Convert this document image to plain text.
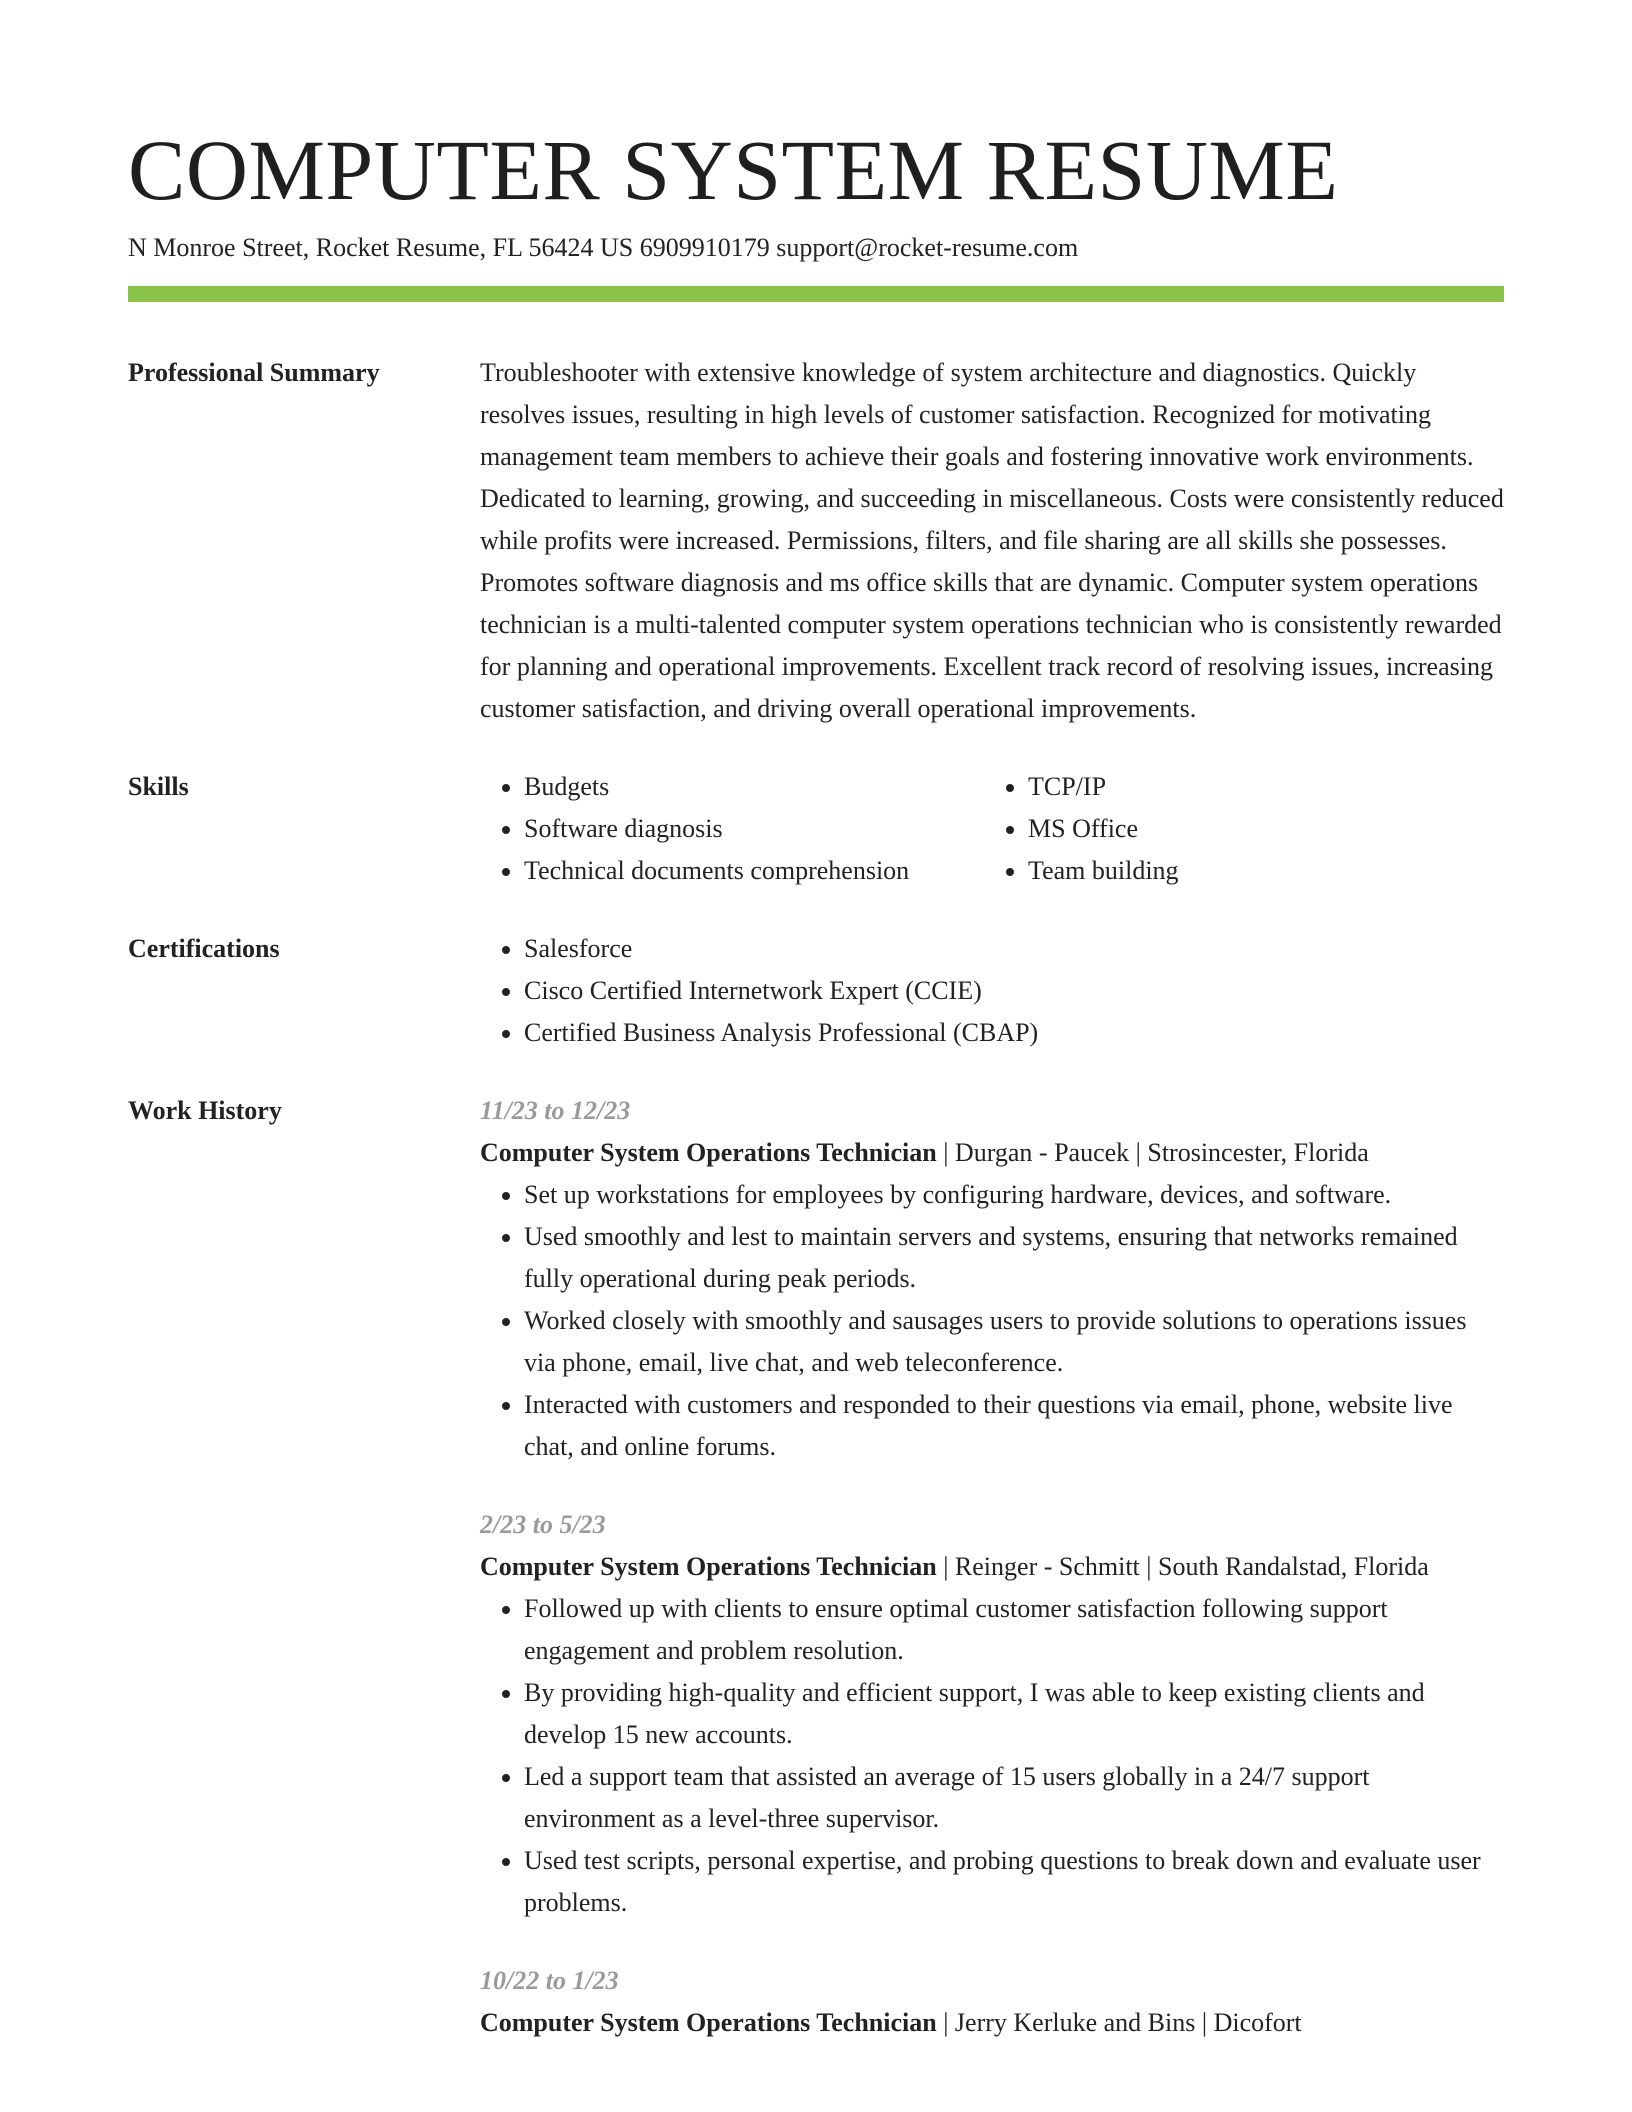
COMPUTER SYSTEM RESUME
N Monroe Street, Rocket Resume, FL 56424 US 6909910179 support@rocket-resume.com
Professional Summary	Troubleshooter with extensive knowledge of system architecture and diagnostics. Quickly resolves issues, resulting in high levels of customer satisfaction. Recognized for motivating management team members to achieve their goals and fostering innovative work environments. Dedicated to learning, growing, and succeeding in miscellaneous. Costs were consistently reduced while profits were increased. Permissions, filters, and file sharing are all skills she possesses. Promotes software diagnosis and ms office skills that are dynamic. Computer system operations technician is a multi-talented computer system operations technician who is consistently rewarded for planning and operational improvements. Excellent track record of resolving issues, increasing customer satisfaction, and driving overall operational improvements.

Skills	• Budgets
• Software diagnosis
• Technical documents comprehension
• TCP/IP
• MS Office
• Team building
Certifications	• Salesforce
• Cisco Certified Internetwork Expert (CCIE)
• Certified Business Analysis Professional (CBAP)
Work History	11/23 to 12/23
Computer System Operations Technician | Durgan - Paucek | Strosincester, Florida
• Set up workstations for employees by configuring hardware, devices, and software.
• Used smoothly and lest to maintain servers and systems, ensuring that networks remained fully operational during peak periods.
• Worked closely with smoothly and sausages users to provide solutions to operations issues via phone, email, live chat, and web teleconference.
• Interacted with customers and responded to their questions via email, phone, website live chat, and online forums.
2/23 to 5/23
Computer System Operations Technician | Reinger - Schmitt | South Randalstad, Florida
• Followed up with clients to ensure optimal customer satisfaction following support engagement and problem resolution.
• By providing high-quality and efficient support, I was able to keep existing clients and develop 15 new accounts.
• Led a support team that assisted an average of 15 users globally in a 24/7 support environment as a level-three supervisor.
• Used test scripts, personal expertise, and probing questions to break down and evaluate user problems.
10/22 to 1/23
Computer System Operations Technician | Jerry Kerluke and Bins | Dicofort
